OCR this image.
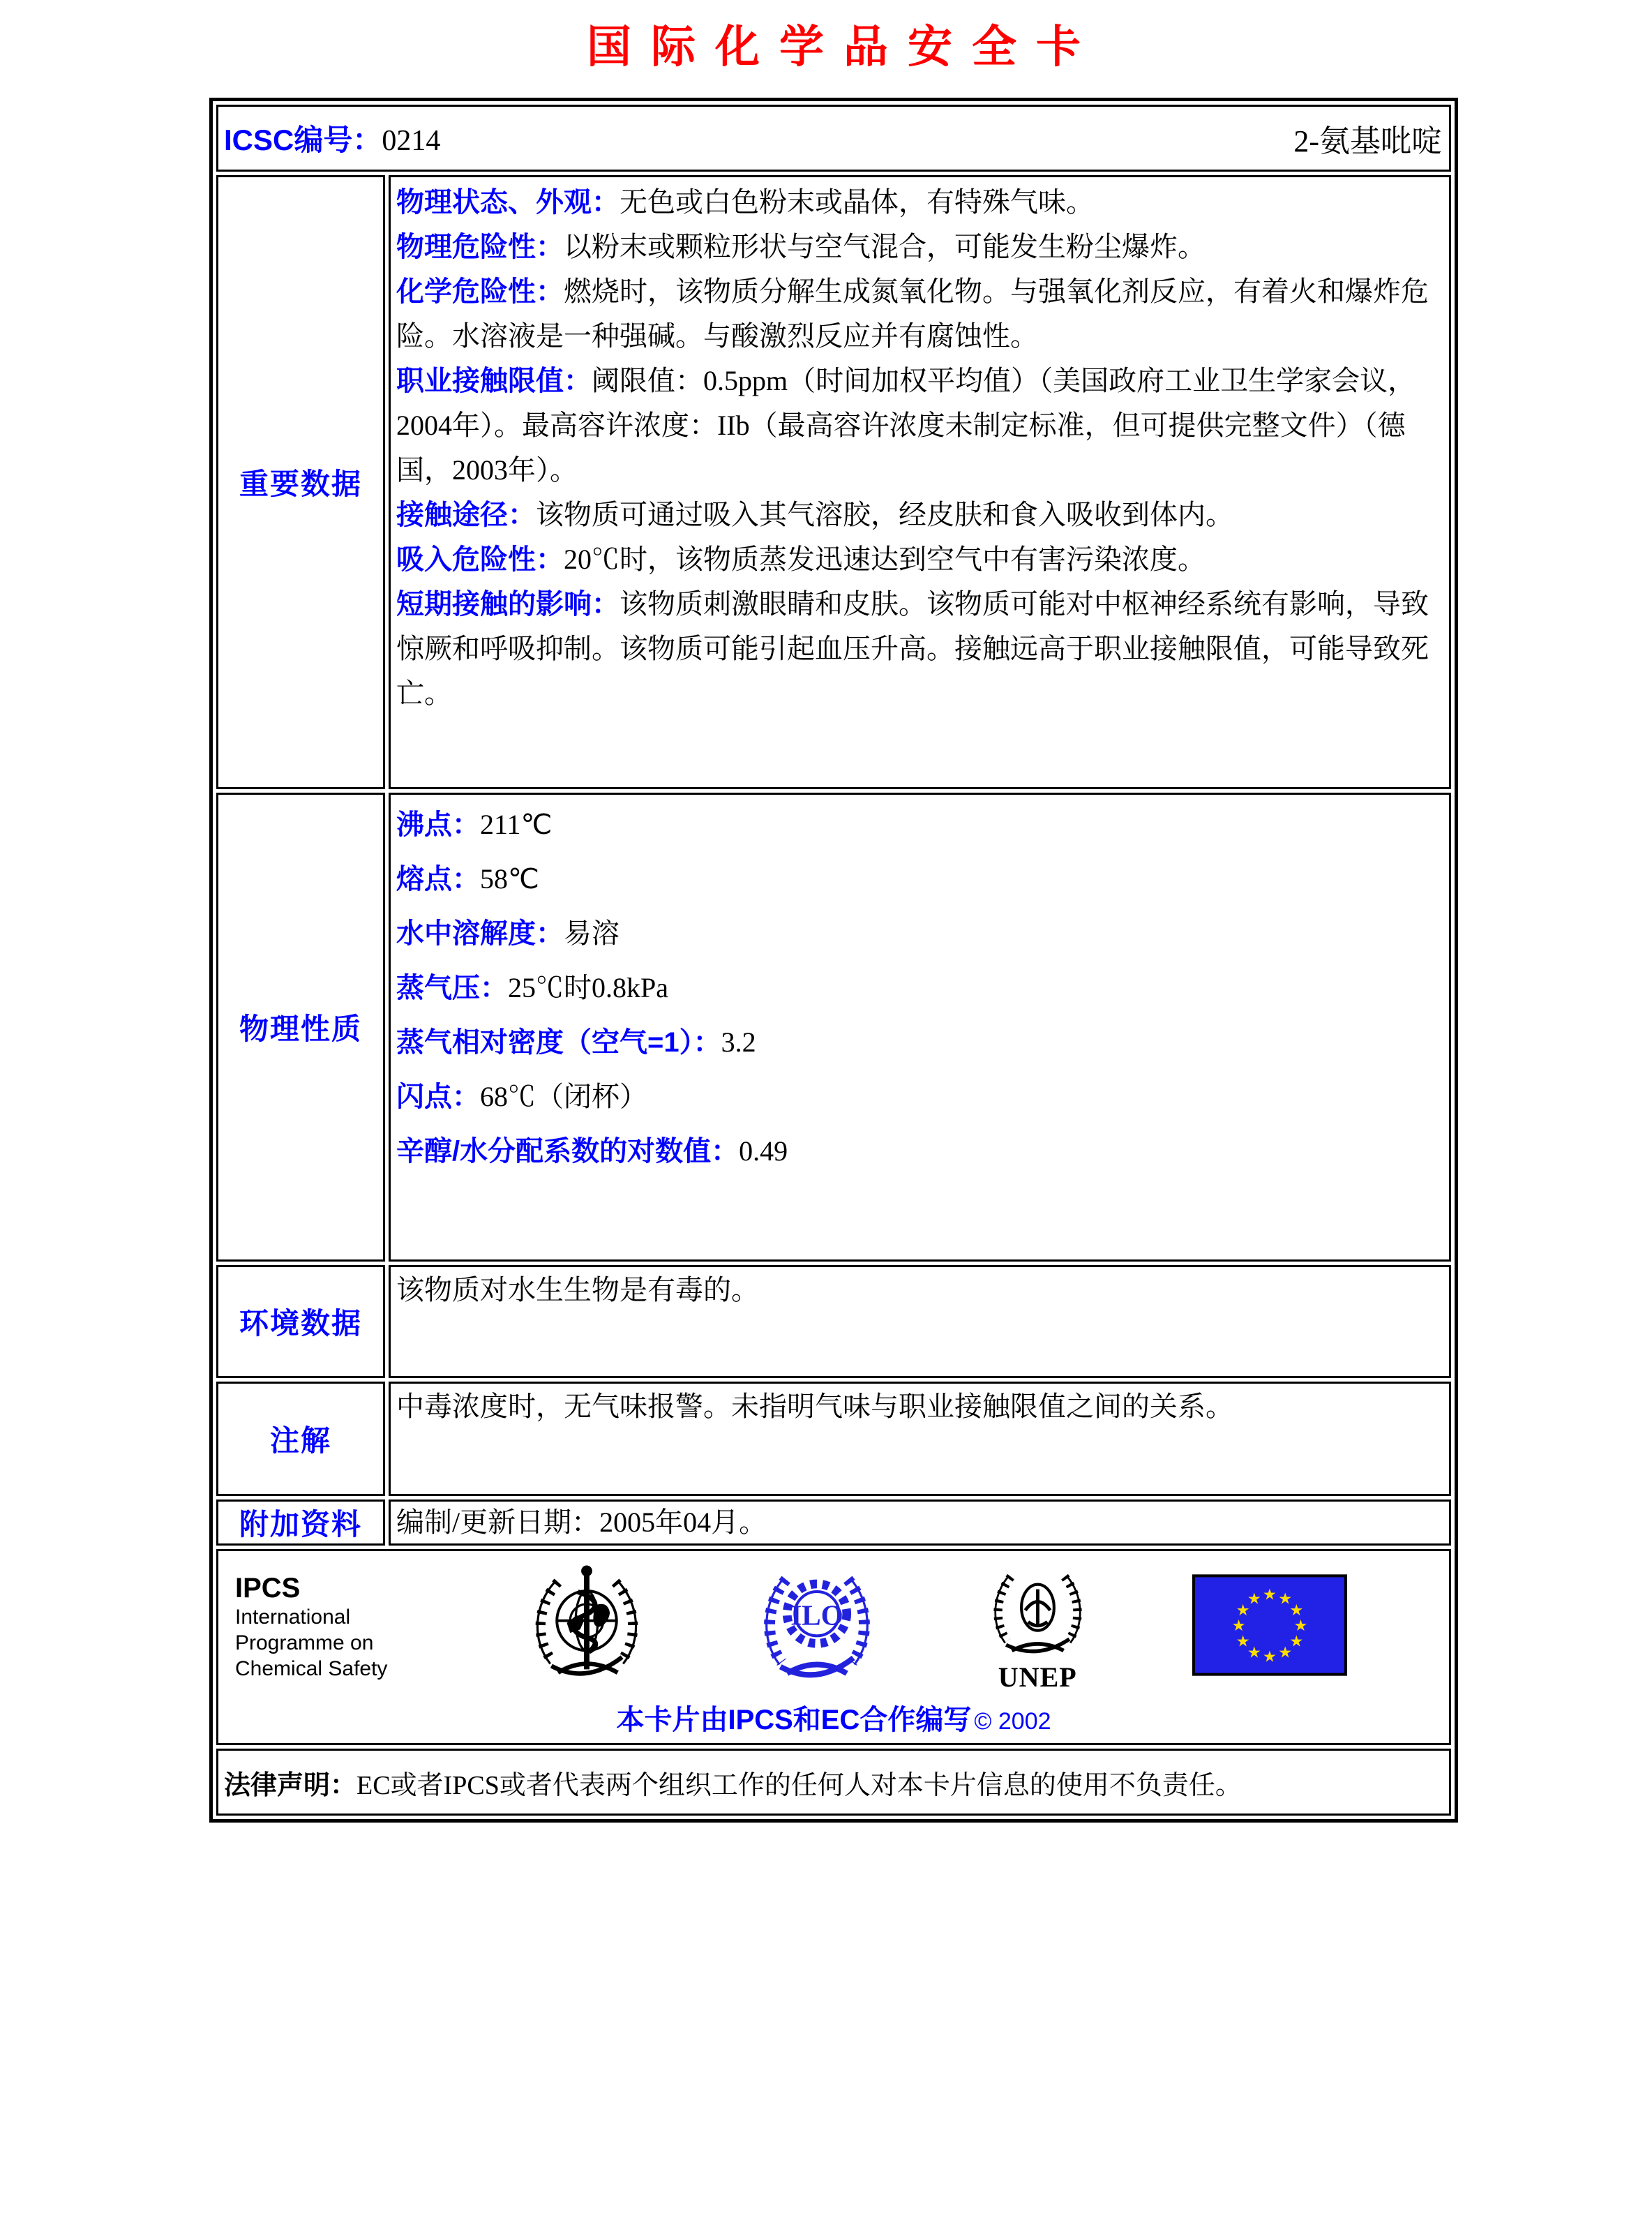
国际化学品安全卡
ICSC编号：0214 2-氨基吡啶	

重要数据	
物理状态、外观：无色或白色粉末或晶体，有特殊气味。
物理危险性：以粉末或颗粒形状与空气混合，可能发生粉尘爆炸。
化学危险性：燃烧时，该物质分解生成氮氧化物。与强氧化剂反应，有着火和爆炸危险。水溶液是一种强碱。与酸激烈反应并有腐蚀性。
职业接触限值：阈限值：0.5ppm（时间加权平均值）（美国政府工业卫生学家会议，2004年）。最高容许浓度：IIb（最高容许浓度未制定标准，但可提供完整文件）（德国，2003年）。
接触途径：该物质可通过吸入其气溶胶，经皮肤和食入吸收到体内。
吸入危险性：20℃时，该物质蒸发迅速达到空气中有害污染浓度。
短期接触的影响：该物质刺激眼睛和皮肤。该物质可能对中枢神经系统有影响，导致惊厥和呼吸抑制。该物质可能引起血压升高。接触远高于职业接触限值，可能导致死亡。

物理性质	
沸点：211℃
熔点：58℃
水中溶解度：易溶
蒸气压：25℃时0.8kPa
蒸气相对密度（空气=1）：3.2
闪点：68℃（闭杯）
辛醇/水分配系数的对数值：0.49

环境数据	该物质对水生生物是有毒的。
注解	中毒浓度时，无气味报警。未指明气味与职业接触限值之间的关系。
附加资料	编制/更新日期：2005年04月。

IPCS
International
Programme on
Chemical Safety
ILO
UNEP
★ ★
★
★
★
★
★
★
★
★
★
★
本卡片由IPCS和EC合作编写 © 2002

法律声明：EC或者IPCS或者代表两个组织工作的任何人对本卡片信息的使用不负责任。	
